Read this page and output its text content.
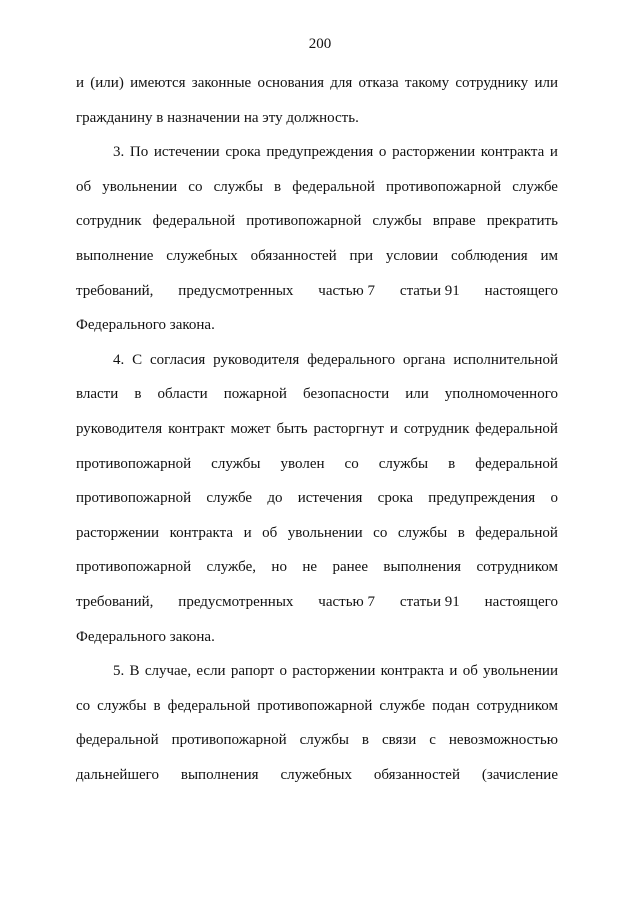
200
и (или) имеются законные основания для отказа такому сотруднику или
гражданину в назначении на эту должность.
3. По истечении срока предупреждения о расторжении контракта и
об увольнении со службы в федеральной противопожарной службе
сотрудник федеральной противопожарной службы вправе прекратить
выполнение служебных обязанностей при условии соблюдения им
требований, предусмотренных частью 7 статьи 91 настоящего
Федерального закона.
4. С согласия руководителя федерального органа исполнительной
власти в области пожарной безопасности или уполномоченного
руководителя контракт может быть расторгнут и сотрудник федеральной
противопожарной службы уволен со службы в федеральной
противопожарной службе до истечения срока предупреждения о
расторжении контракта и об увольнении со службы в федеральной
противопожарной службе, но не ранее выполнения сотрудником
требований, предусмотренных частью 7 статьи 91 настоящего
Федерального закона.
5. В случае, если рапорт о расторжении контракта и об увольнении
со службы в федеральной противопожарной службе подан сотрудником
федеральной противопожарной службы в связи с невозможностью
дальнейшего выполнения служебных обязанностей (зачисление
